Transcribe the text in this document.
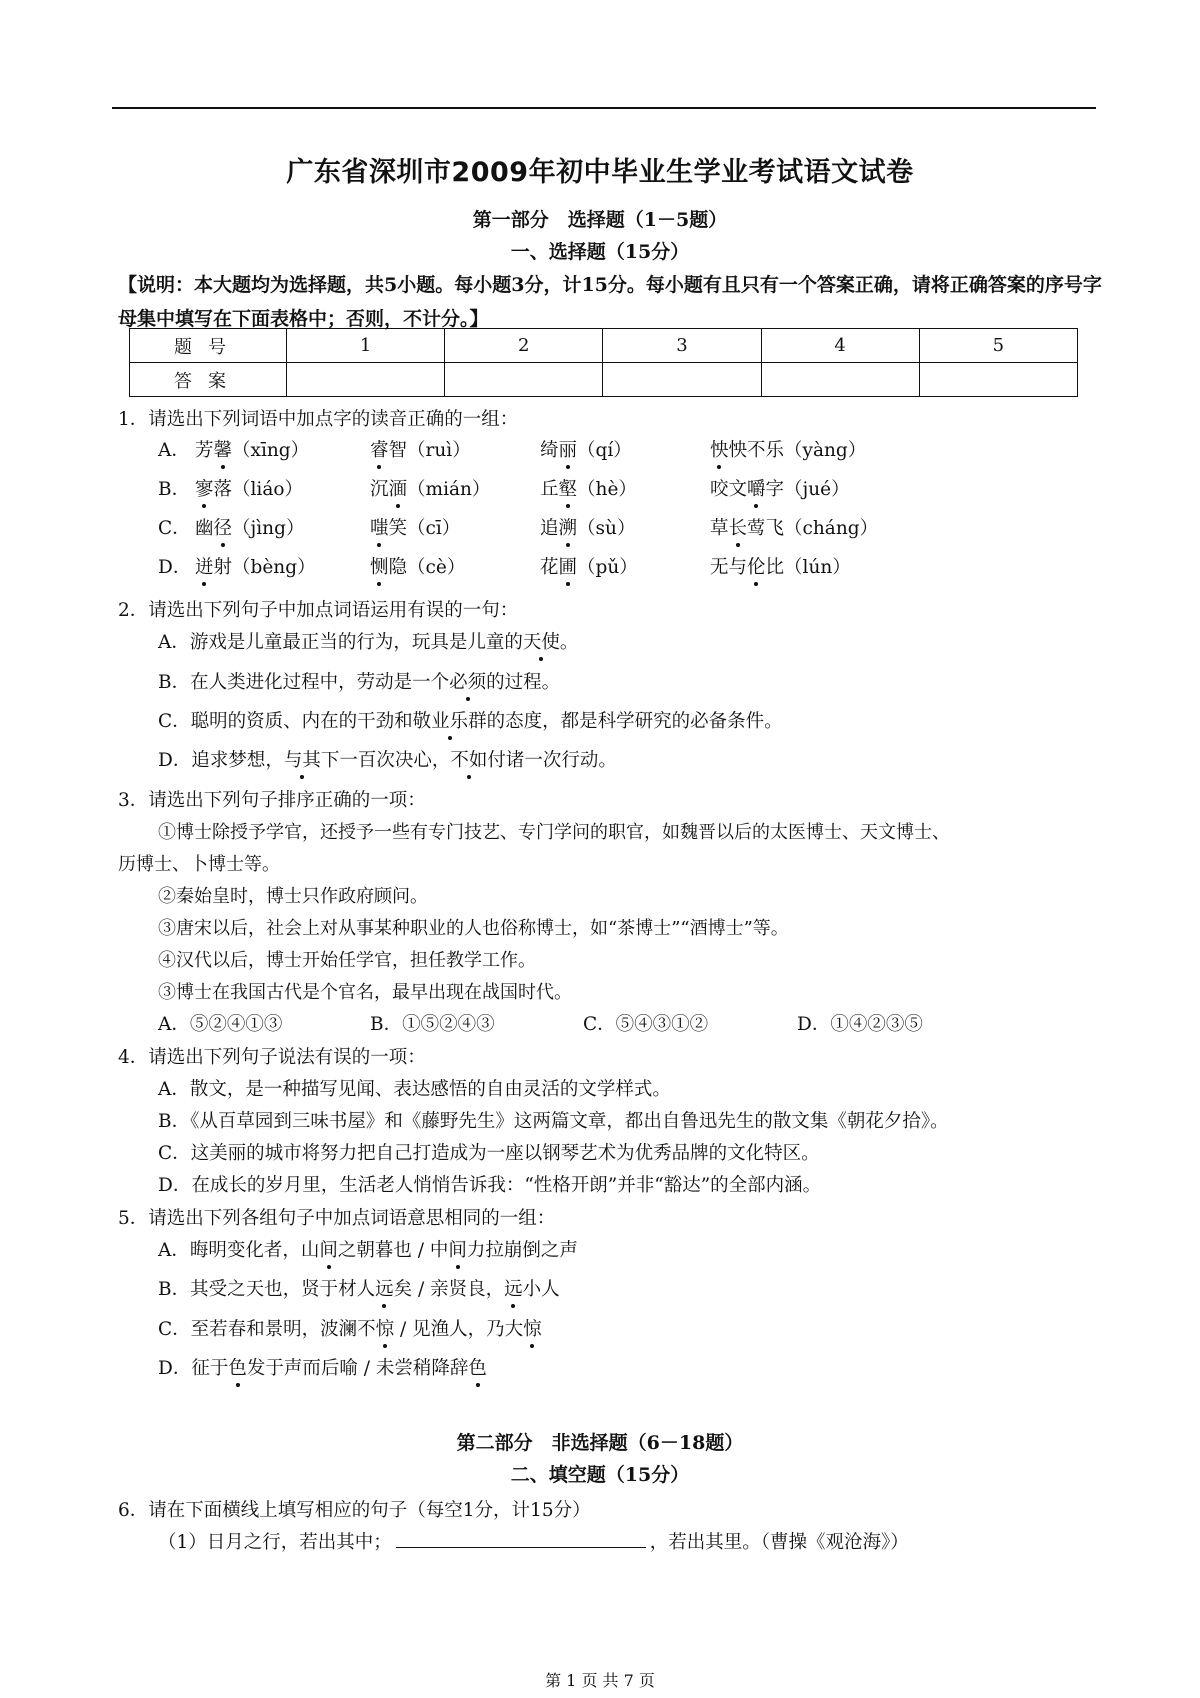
广东省深圳市2009年初中毕业生学业考试语文试卷
第一部分　选择题（1－5题）
一、选择题（15分）
【说明：本大题均为选择题，共5小题。每小题3分，计15分。每小题有且只有一个答案正确，请将正确答案的序号字母集中填写在下面表格中；否则，不计分。】
题号	1	2	3	4	5
答案					
1．请选出下列词语中加点字的读音正确的一组：
A． 芳馨（xīng）	睿智（ruì）	绮丽（qí）	怏怏不乐（yàng）
B． 寥落（liáo）	沉湎（mián）	丘壑（hè）	咬文嚼字（jué）
C． 幽径（jìng）	嗤笑（cī）	追溯（sù）	草长莺飞（cháng）
D． 迸射（bèng）	恻隐（cè）	花圃（pǔ）	无与伦比（lún）
2．请选出下列句子中加点词语运用有误的一句：
A．游戏是儿童最正当的行为，玩具是儿童的天使。
B．在人类进化过程中，劳动是一个必须的过程。
C．聪明的资质、内在的干劲和敬业乐群的态度，都是科学研究的必备条件。
D．追求梦想，与其下一百次决心，不如付诸一次行动。
3．请选出下列句子排序正确的一项：
①博士除授予学官，还授予一些有专门技艺、专门学问的职官，如魏晋以后的太医博士、天文博士、
历博士、卜博士等。
②秦始皇时，博士只作政府顾问。
③唐宋以后，社会上对从事某种职业的人也俗称博士，如“茶博士”“酒博士”等。
④汉代以后，博士开始任学官，担任教学工作。
③博士在我国古代是个官名，最早出现在战国时代。
A．⑤②④①③	B．①⑤②④③	C．⑤④③①②	D．①④②③⑤
4．请选出下列句子说法有误的一项：
A．散文，是一种描写见闻、表达感悟的自由灵活的文学样式。
B．《从百草园到三味书屋》和《藤野先生》这两篇文章，都出自鲁迅先生的散文集《朝花夕拾》。
C．这美丽的城市将努力把自己打造成为一座以钢琴艺术为优秀品牌的文化特区。
D．在成长的岁月里，生活老人悄悄告诉我：“性格开朗”并非“豁达”的全部内涵。
5．请选出下列各组句子中加点词语意思相同的一组：
A．晦明变化者，山间之朝暮也 / 中间力拉崩倒之声
B．其受之天也，贤于材人远矣 / 亲贤良，远小人
C．至若春和景明，波澜不惊 / 见渔人，乃大惊
D．征于色发于声而后喻 / 未尝稍降辞色
第二部分　非选择题（6－18题）
二、填空题（15分）
6．请在下面横线上填写相应的句子（每空1分，计15分）
（1）日月之行，若出其中；	，若出其里。（曹操《观沧海》）
第 1 页 共 7 页
